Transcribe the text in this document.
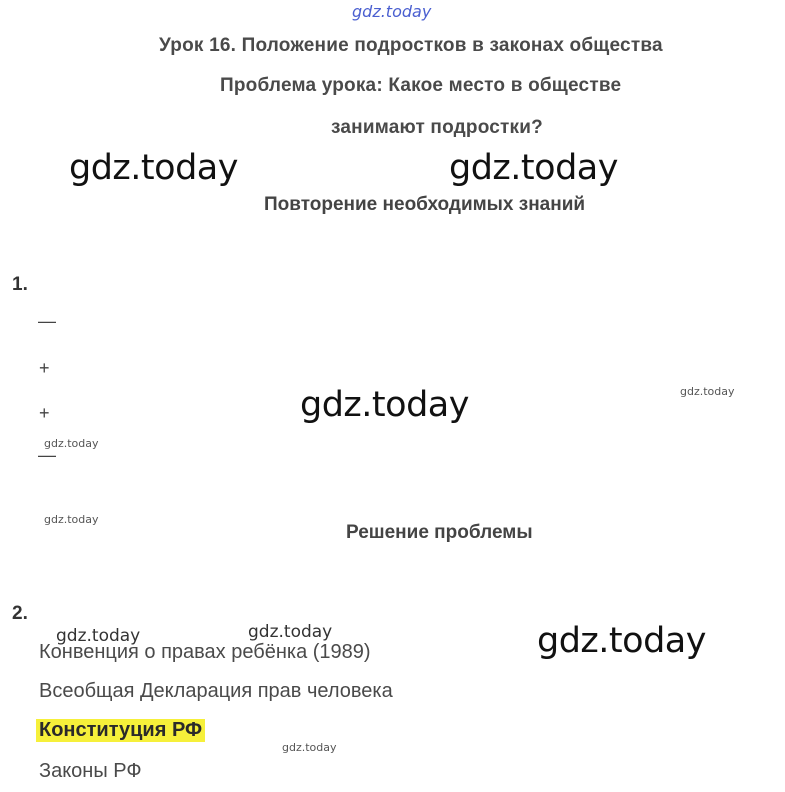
gdz.today
gdz.today	gdz.today
gdz.today
gdz.today
gdz.today	gdz.today
gdz.today
gdz.today
gdz.today
gdz.today
Урок 16. Положение подростков в законах общества
Проблема урока: Какое место в обществе
занимают подростки?
Повторение необходимых знаний
1.
—
+
+
—
Решение проблемы
2.
Конвенция о правах ребёнка (1989)
Всеобщая Декларация прав человека
Конституция РФ
Законы РФ
